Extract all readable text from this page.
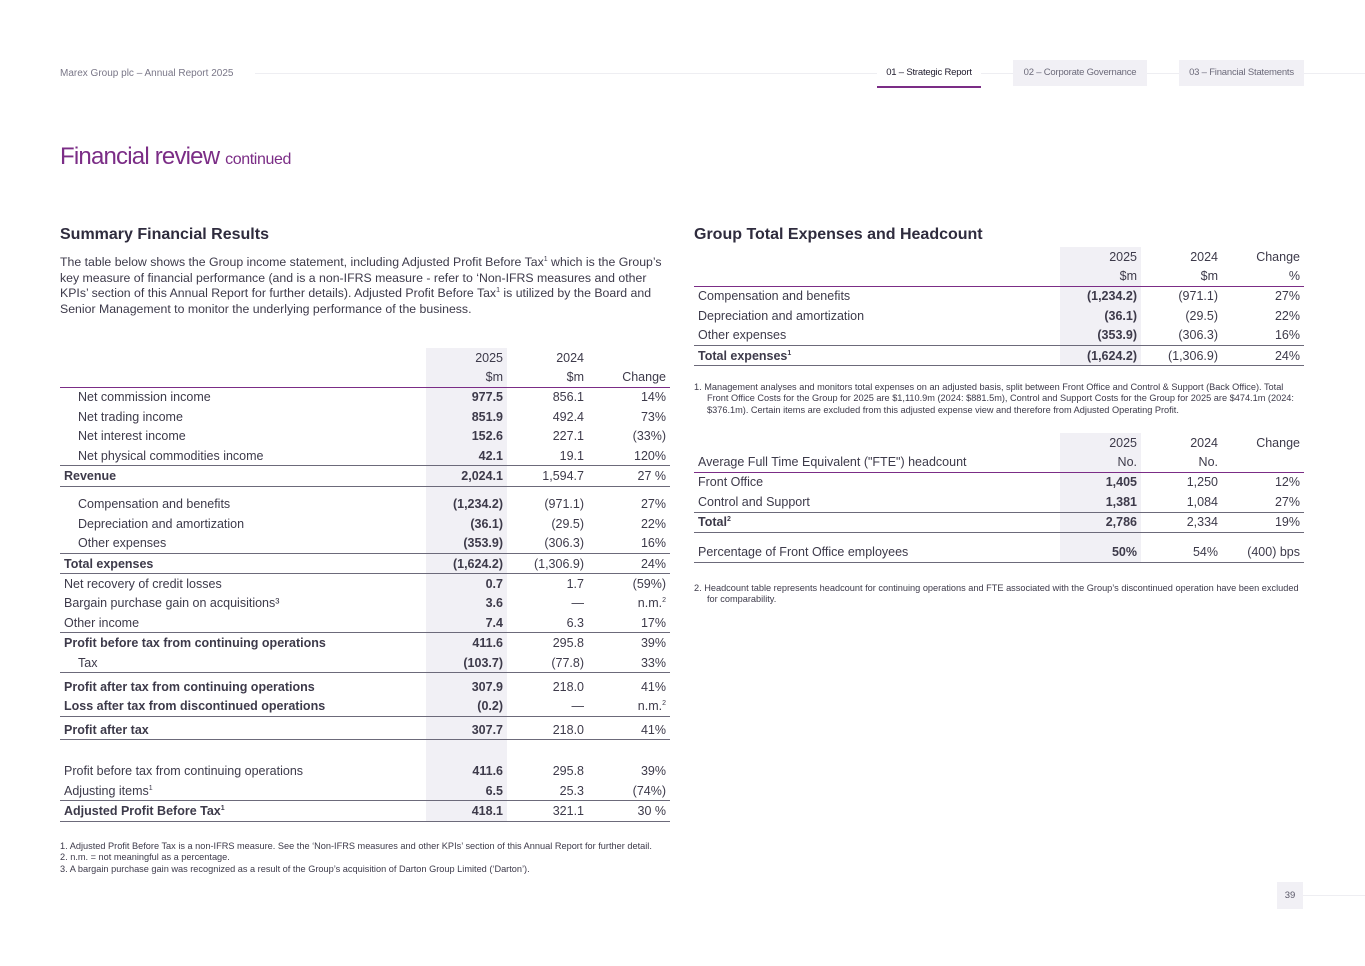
Marex Group plc – Annual Report 2025	01 – Strategic Report	02 – Corporate Governance	03 – Financial Statements
Financial review continued
Summary Financial Results
The table below shows the Group income statement, including Adjusted Profit Before Tax$^1$ which is the Group’s key measure of financial performance (and is a non-IFRS measure - refer to ‘Non-IFRS measures and other KPIs’ section of this Annual Report for further details). Adjusted Profit Before Tax$^1$ is utilized by the Board and Senior Management to monitor the underlying performance of the business.
	2025	2024	
	$m	$m	Change
Net commission income	977.5	856.1	14%
Net trading income	851.9	492.4	73%
Net interest income	152.6	227.1	(33%)
Net physical commodities income	42.1	19.1	120%
Revenue	2,024.1	1,594.7	27 %

Compensation and benefits	(1,234.2)	(971.1)	27%
Depreciation and amortization	(36.1)	(29.5)	22%
Other expenses	(353.9)	(306.3)	16%
Total expenses	(1,624.2)	(1,306.9)	24%
Net recovery of credit losses	0.7	1.7	(59%)
Bargain purchase gain on acquisitions³	3.6	—	n.m.$^2$
Other income	7.4	6.3	17%
Profit before tax from continuing operations	411.6	295.8	39%
Tax	(103.7)	(77.8)	33%
Profit after tax from continuing operations	307.9	218.0	41%
Loss after tax from discontinued operations	(0.2)	—	n.m.$^2$
Profit after tax	307.7	218.0	41%

Profit before tax from continuing operations	411.6	295.8	39%
Adjusting items$^1$	6.5	25.3	(74%)
Adjusted Profit Before Tax$^1$	418.1	321.1	30 %
1. Adjusted Profit Before Tax is a non-IFRS measure. See the ‘Non-IFRS measures and other KPIs’ section of this Annual Report for further detail.
2. n.m. = not meaningful as a percentage.
3. A bargain purchase gain was recognized as a result of the Group’s acquisition of Darton Group Limited (‘Darton’).
Group Total Expenses and Headcount
	2025	2024	Change
	$m	$m	%
Compensation and benefits	(1,234.2)	(971.1)	27%
Depreciation and amortization	(36.1)	(29.5)	22%
Other expenses	(353.9)	(306.3)	16%
Total expenses$^1$	(1,624.2)	(1,306.9)	24%
1. Management analyses and monitors total expenses on an adjusted basis, split between Front Office and Control & Support (Back Office). Total Front Office Costs for the Group for 2025 are $1,110.9m (2024: $881.5m), Control and Support Costs for the Group for 2025 are $474.1m (2024: $376.1m). Certain items are excluded from this adjusted expense view and therefore from Adjusted Operating Profit.
	2025	2024	Change
Average Full Time Equivalent ("FTE") headcount	No.	No.	
Front Office	1,405	1,250	12%
Control and Support	1,381	1,084	27%
Total$^2$	2,786	2,334	19%

Percentage of Front Office employees	50%	54%	(400) bps
2. Headcount table represents headcount for continuing operations and FTE associated with the Group’s discontinued operation have been excluded for comparability.
39
